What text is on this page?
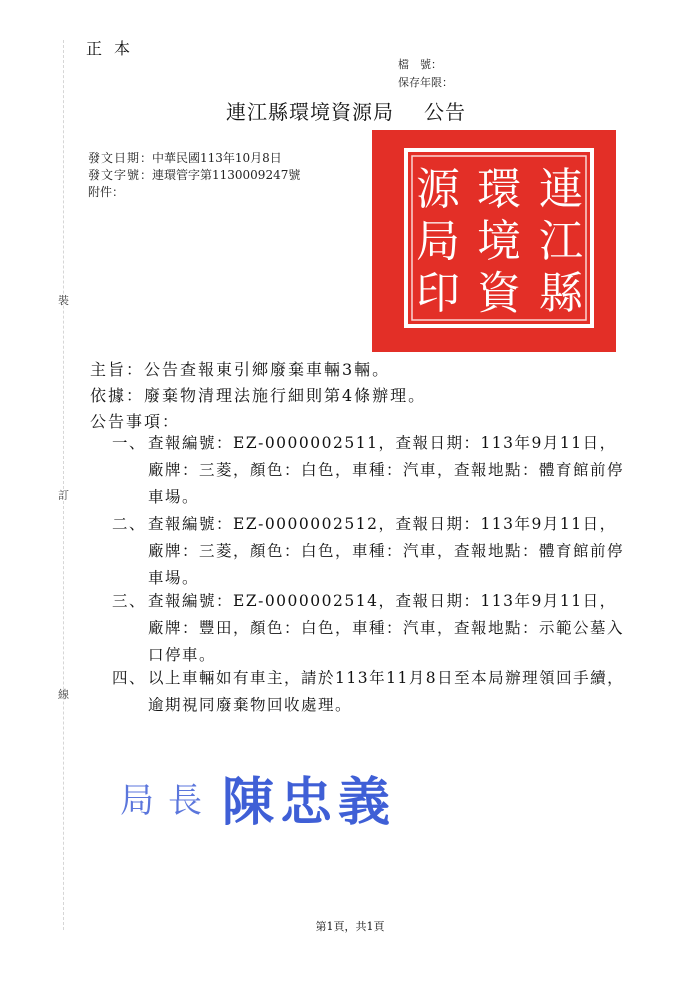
正本
檔　號：
保存年限：
連江縣環境資源局 公告
發文日期：中華民國113年10月8日
發文字號：連環管字第1130009247號
附件：	連
江
縣
環
境
資
源
局
印
裝
訂
線
主旨：公告查報東引鄉廢棄車輛3輛。
依據：廢棄物清理法施行細則第4條辦理。
公告事項：
一、 查報編號：EZ-0000002511，查報日期：113年9月11日，廠牌：三菱，顏色：白色，車種：汽車，查報地點：體育館前停車場。
二、 查報編號：EZ-0000002512，查報日期：113年9月11日，廠牌：三菱，顏色：白色，車種：汽車，查報地點：體育館前停車場。
三、 查報編號：EZ-0000002514，查報日期：113年9月11日，廠牌：豐田，顏色：白色，車種：汽車，查報地點：示範公墓入口停車。
四、 以上車輛如有車主，請於113年11月8日至本局辦理領回手續，逾期視同廢棄物回收處理。
局長 陳忠義
第1頁，共1頁
